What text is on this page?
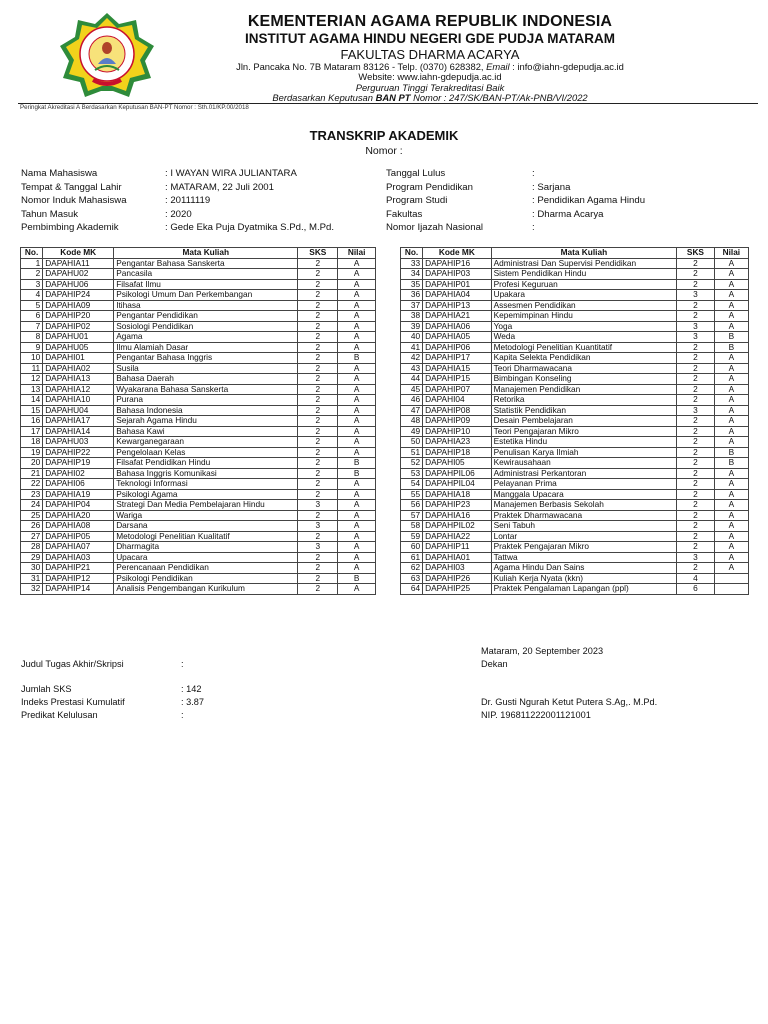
KEMENTERIAN AGAMA REPUBLIK INDONESIA
INSTITUT AGAMA HINDU NEGERI GDE PUDJA MATARAM
FAKULTAS DHARMA ACARYA
Jln. Pancaka No. 7B Mataram 83126 - Telp. (0370) 628382, Email : info@iahn-gdepudja.ac.id
Website: www.iahn-gdepudja.ac.id
Perguruan Tinggi Terakreditasi Baik
Berdasarkan Keputusan BAN PT Nomor : 247/SK/BAN-PT/Ak-PNB/VI/2022
Peringkat Akreditasi A Berdasarkan Keputusan BAN-PT Nomor : Sth.01/KP.00/2018
TRANSKRIP AKADEMIK
Nomor :
Nama Mahasiswa	: I WAYAN WIRA JULIANTARA
Tempat & Tanggal Lahir	: MATARAM, 22 Juli 2001
Nomor Induk Mahasiswa	: 20111119
Tahun Masuk	: 2020
Pembimbing Akademik	: Gede Eka Puja Dyatmika S.Pd., M.Pd.
Tanggal Lulus	:
Program Pendidikan	: Sarjana
Program Studi	: Pendidikan Agama Hindu
Fakultas	: Dharma Acarya
Nomor Ijazah Nasional	:
No.	Kode MK	Mata Kuliah	SKS	Nilai
1	DAPAHIA11	Pengantar Bahasa Sanskerta	2	A
2	DAPAHU02	Pancasila	2	A
3	DAPAHU06	Filsafat Ilmu	2	A
4	DAPAHIP24	Psikologi Umum Dan Perkembangan	2	A
5	DAPAHIA09	Itihasa	2	A
6	DAPAHIP20	Pengantar Pendidikan	2	A
7	DAPAHIP02	Sosiologi Pendidikan	2	A
8	DAPAHU01	Agama	2	A
9	DAPAHU05	Ilmu Alamiah Dasar	2	A
10	DAPAHI01	Pengantar Bahasa Inggris	2	B
11	DAPAHIA02	Susila	2	A
12	DAPAHIA13	Bahasa Daerah	2	A
13	DAPAHIA12	Wyakarana Bahasa Sanskerta	2	A
14	DAPAHIA10	Purana	2	A
15	DAPAHU04	Bahasa Indonesia	2	A
16	DAPAHIA17	Sejarah Agama Hindu	2	A
17	DAPAHIA14	Bahasa Kawi	2	A
18	DAPAHU03	Kewarganegaraan	2	A
19	DAPAHIP22	Pengelolaan Kelas	2	A
20	DAPAHIP19	Filsafat Pendidikan Hindu	2	B
21	DAPAHI02	Bahasa Inggris Komunikasi	2	B
22	DAPAHI06	Teknologi Informasi	2	A
23	DAPAHIA19	Psikologi Agama	2	A
24	DAPAHIP04	Strategi Dan Media Pembelajaran Hindu	3	A
25	DAPAHIA20	Wariga	2	A
26	DAPAHIA08	Darsana	3	A
27	DAPAHIP05	Metodologi Penelitian Kualitatif	2	A
28	DAPAHIA07	Dharmagita	3	A
29	DAPAHIA03	Upacara	2	A
30	DAPAHIP21	Perencanaan Pendidikan	2	A
31	DAPAHIP12	Psikologi Pendidikan	2	B
32	DAPAHIP14	Analisis Pengembangan Kurikulum	2	A
No.	Kode MK	Mata Kuliah	SKS	Nilai
33	DAPAHIP16	Administrasi Dan Supervisi Pendidikan	2	A
34	DAPAHIP03	Sistem Pendidikan Hindu	2	A
35	DAPAHIP01	Profesi Keguruan	2	A
36	DAPAHIA04	Upakara	3	A
37	DAPAHIP13	Assesmen Pendidikan	2	A
38	DAPAHIA21	Kepemimpinan Hindu	2	A
39	DAPAHIA06	Yoga	3	A
40	DAPAHIA05	Weda	3	B
41	DAPAHIP06	Metodologi Penelitian Kuantitatif	2	B
42	DAPAHIP17	Kapita Selekta Pendidikan	2	A
43	DAPAHIA15	Teori Dharmawacana	2	A
44	DAPAHIP15	Bimbingan Konseling	2	A
45	DAPAHIP07	Manajemen Pendidikan	2	A
46	DAPAHI04	Retorika	2	A
47	DAPAHIP08	Statistik Pendidikan	3	A
48	DAPAHIP09	Desain Pembelajaran	2	A
49	DAPAHIP10	Teori Pengajaran Mikro	2	A
50	DAPAHIA23	Estetika Hindu	2	A
51	DAPAHIP18	Penulisan Karya Ilmiah	2	B
52	DAPAHI05	Kewirausahaan	2	B
53	DAPAHPIL06	Administrasi Perkantoran	2	A
54	DAPAHPIL04	Pelayanan Prima	2	A
55	DAPAHIA18	Manggala Upacara	2	A
56	DAPAHIP23	Manajemen Berbasis Sekolah	2	A
57	DAPAHIA16	Praktek Dharmawacana	2	A
58	DAPAHPIL02	Seni Tabuh	2	A
59	DAPAHIA22	Lontar	2	A
60	DAPAHIP11	Praktek Pengajaran Mikro	2	A
61	DAPAHIA01	Tattwa	3	A
62	DAPAHI03	Agama Hindu Dan Sains	2	A
63	DAPAHIP26	Kuliah Kerja Nyata (kkn)	4	
64	DAPAHIP25	Praktek Pengalaman Lapangan (ppl)	6	
Judul Tugas Akhir/Skripsi	:
Jumlah SKS	: 142
Indeks Prestasi Kumulatif	: 3.87
Predikat Kelulusan	:
Mataram, 20 September 2023
Dekan
Dr. Gusti Ngurah Ketut Putera S.Ag,. M.Pd.
NIP. 196811222001121001
